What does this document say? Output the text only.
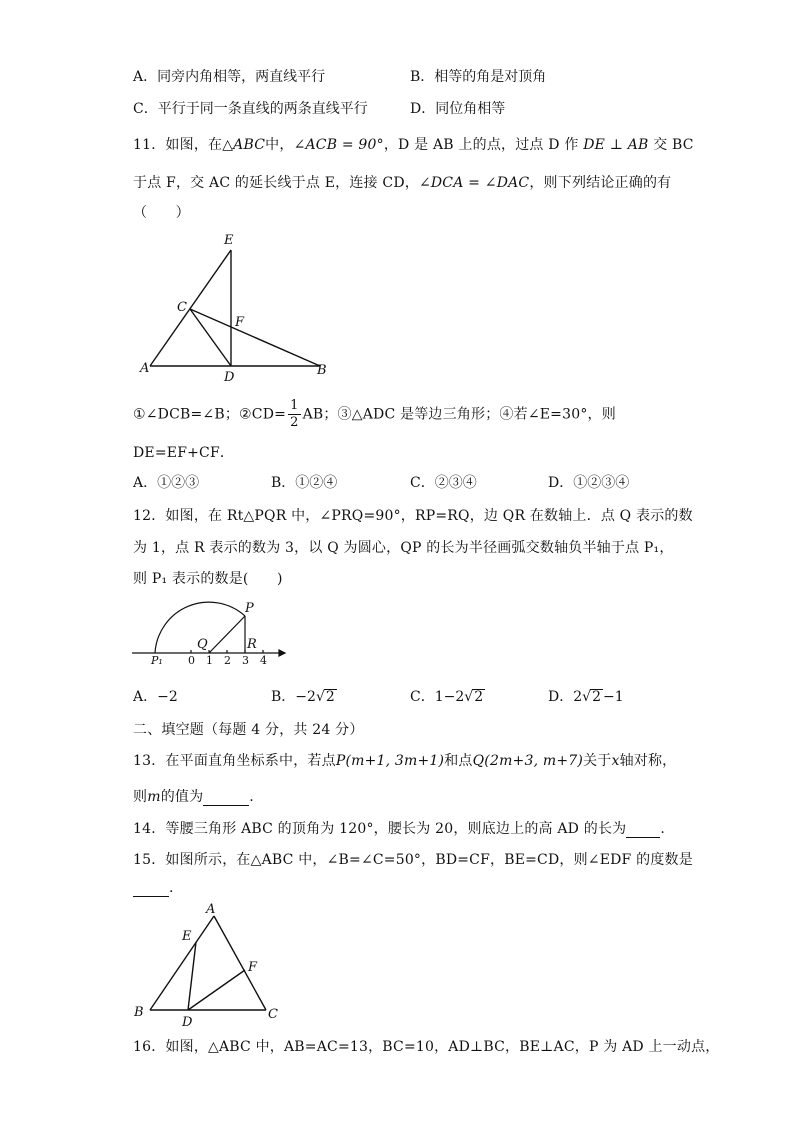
A．同旁内角相等，两直线平行	B．相等的角是对顶角
C．平行于同一条直线的两条直线平行	D．同位角相等
11．如图，在△ABC中，∠ACB = 90°，D 是 AB 上的点，过点 D 作 DE ⊥ AB 交 BC
于点 F，交 AC 的延长线于点 E，连接 CD，∠DCA = ∠DAC，则下列结论正确的有
（　　）
E
C
F
A
D	B
①∠DCB=∠B；②CD= $\frac{1}{2}$ AB；③△ADC 是等边三角形；④若∠E=30°，则
DE=EF+CF．
A．①②③	B．①②④	C．②③④	D．①②③④
12．如图，在 Rt△PQR 中，∠PRQ=90°，RP=RQ，边 QR 在数轴上．点 Q 表示的数
为 1，点 R 表示的数为 3，以 Q 为圆心，QP 的长为半径画弧交数轴负半轴于点 P₁，
则 P₁ 表示的数是(　　)
P
Q	R
P₁ 0 1 2 3 4
A．−2	B．−2√2	C．1−2√2	D．2√2 −1
二、填空题（每题 4 分，共 24 分）
13．在平面直角坐标系中，若点P(m+1, 3m+1)和点Q(2m+3, m+7)关于x轴对称，
则m的值为	.
14．等腰三角形 ABC 的顶角为 120°，腰长为 20，则底边上的高 AD 的长为 .
15．如图所示，在△ABC 中，∠B=∠C=50°，BD=CF，BE=CD，则∠EDF 的度数是
.
A
E
F
B
D
C
16．如图，△ABC 中，AB=AC=13，BC=10，AD⊥BC，BE⊥AC，P 为 AD 上一动点，
